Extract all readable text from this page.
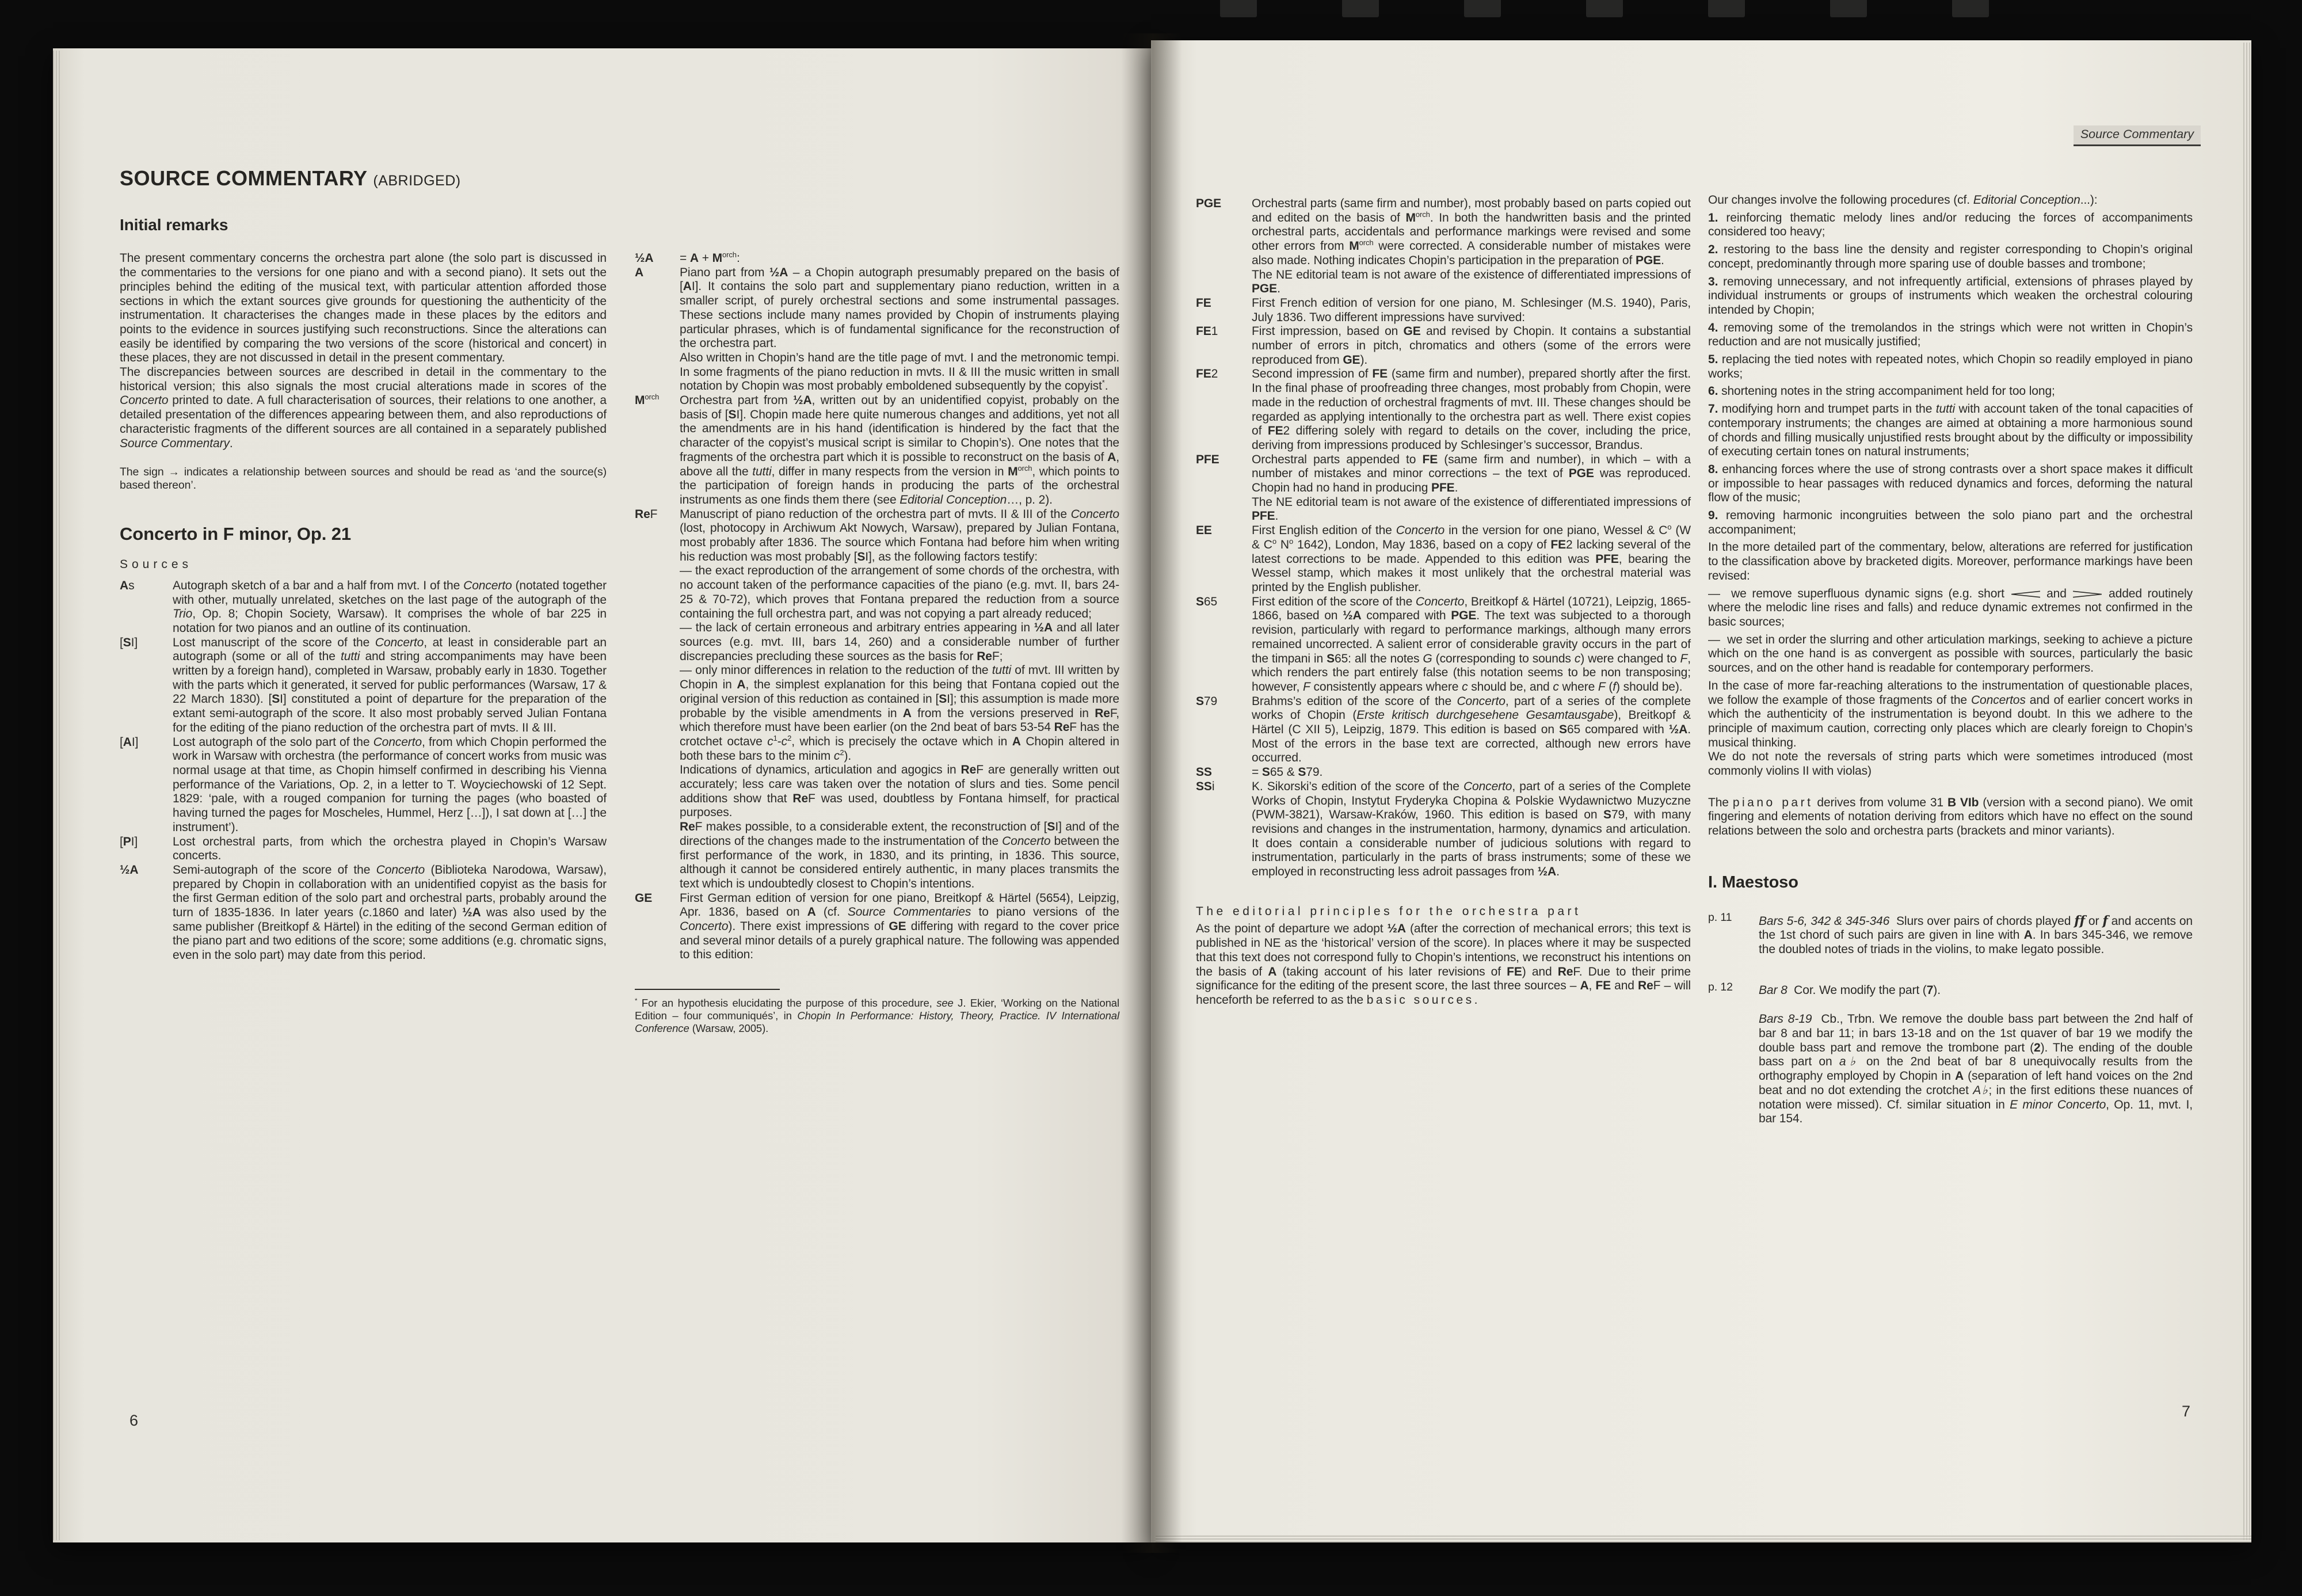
SOURCE COMMENTARY (ABRIDGED)
Initial remarks

The present commentary concerns the orchestra part alone (the solo part is discussed in the commentaries to the versions for one piano and with a second piano). It sets out the principles behind the editing of the musical text, with particular attention afforded those sections in which the extant sources give grounds for questioning the authenticity of the instrumentation. It characterises the changes made in these places by the editors and points to the evidence in sources justifying such reconstructions. Since the alterations can easily be identified by comparing the two versions of the score (historical and concert) in these places, they are not discussed in detail in the present commentary.

The discrepancies between sources are described in detail in the commentary to the historical version; this also signals the most crucial alterations made in scores of the Concerto printed to date. A full characterisation of sources, their relations to one another, a detailed presentation of the differences appearing between them, and also reproductions of characteristic fragments of the different sources are all contained in a separately published Source Commentary.

The sign → indicates a relationship between sources and should be read as ‘and the source(s) based thereon’.

Concerto in F minor, Op. 21
Sources
As	Autograph sketch of a bar and a half from mvt. I of the Concerto (notated together with other, mutually unrelated, sketches on the last page of the autograph of the Trio, Op. 8; Chopin Society, Warsaw). It comprises the whole of bar 225 in notation for two pianos and an outline of its continuation.
[SI]	Lost manuscript of the score of the Concerto, at least in considerable part an autograph (some or all of the tutti and string accompaniments may have been written by a foreign hand), completed in Warsaw, probably early in 1830. Together with the parts which it generated, it served for public performances (Warsaw, 17 & 22 March 1830). [SI] constituted a point of departure for the preparation of the extant semi-autograph of the score. It also most probably served Julian Fontana for the editing of the piano reduction of the orchestra part of mvts. II & III.
[AI]	Lost autograph of the solo part of the Concerto, from which Chopin performed the work in Warsaw with orchestra (the performance of concert works from music was normal usage at that time, as Chopin himself confirmed in describing his Vienna performance of the Variations, Op. 2, in a letter to T. Woyciechowski of 12 Sept. 1829: ‘pale, with a rouged companion for turning the pages (who boasted of having turned the pages for Moscheles, Hummel, Herz […]), I sat down at […] the instrument’).
[PI]	Lost orchestral parts, from which the orchestra played in Chopin’s Warsaw concerts.
½A	Semi-autograph of the score of the Concerto (Biblioteka Narodowa, Warsaw), prepared by Chopin in collaboration with an unidentified copyist as the basis for the first German edition of the solo part and orchestral parts, probably around the turn of 1835-1836. In later years (c.1860 and later) ½A was also used by the same publisher (Breitkopf & Härtel) in the editing of the second German edition of the piano part and two editions of the score; some additions (e.g. chromatic signs, even in the solo part) may date from this period.
½A	= $A + M^{orch}$:
A	Piano part from ½A – a Chopin autograph presumably prepared on the basis of [AI]. It contains the solo part and supplementary piano reduction, written in a smaller script, of purely orchestral sections and some instrumental passages. These sections include many names provided by Chopin of instruments playing particular phrases, which is of fundamental significance for the reconstruction of the orchestra part.

Also written in Chopin’s hand are the title page of mvt. I and the metronomic tempi. In some fragments of the piano reduction in mvts. II & III the music written in small notation by Chopin was most probably emboldened subsequently by the copyist*.

$M^{orch}$	Orchestra part from ½A, written out by an unidentified copyist, probably on the basis of [SI]. Chopin made here quite numerous changes and additions, yet not all the amendments are in his hand (identification is hindered by the fact that the character of the copyist’s musical script is similar to Chopin’s). One notes that the fragments of the orchestra part which it is possible to reconstruct on the basis of A, above all the tutti, differ in many respects from the version in $M^{orch}$, which points to the participation of foreign hands in producing the parts of the orchestral instruments as one finds them there (see Editorial Conception…, p. 2).
ReF	Manuscript of piano reduction of the orchestra part of mvts. II & III of the Concerto (lost, photocopy in Archiwum Akt Nowych, Warsaw), prepared by Julian Fontana, most probably after 1836. The source which Fontana had before him when writing his reduction was most probably [SI], as the following factors testify:

— the exact reproduction of the arrangement of some chords of the orchestra, with no account taken of the performance capacities of the piano (e.g. mvt. II, bars 24-25 & 70-72), which proves that Fontana prepared the reduction from a source containing the full orchestra part, and was not copying a part already reduced;

— the lack of certain erroneous and arbitrary entries appearing in ½A and all later sources (e.g. mvt. III, bars 14, 260) and a considerable number of further discrepancies precluding these sources as the basis for ReF;

— only minor differences in relation to the reduction of the tutti of mvt. III written by Chopin in A, the simplest explanation for this being that Fontana copied out the original version of this reduction as contained in [SI]; this assumption is made more probable by the visible amendments in A from the versions preserved in ReF, which therefore must have been earlier (on the 2nd beat of bars 53-54 ReF has the crotchet octave $c^1-c^2$, which is precisely the octave which in A Chopin altered in both these bars to the minim $c^2$).

Indications of dynamics, articulation and agogics in ReF are generally written out accurately; less care was taken over the notation of slurs and ties. Some pencil additions show that ReF was used, doubtless by Fontana himself, for practical purposes.

ReF makes possible, to a considerable extent, the reconstruction of [SI] and of the directions of the changes made to the instrumentation of the Concerto between the first performance of the work, in 1830, and its printing, in 1836. This source, although it cannot be considered entirely authentic, in many places transmits the text which is undoubtedly closest to Chopin’s intentions.

GE	First German edition of version for one piano, Breitkopf & Härtel (5654), Leipzig, Apr. 1836, based on A (cf. Source Commentaries to piano versions of the Concerto). There exist impressions of GE differing with regard to the cover price and several minor details of a purely graphical nature. The following was appended to this edition:

* For an hypothesis elucidating the purpose of this procedure, see J. Ekier, ‘Working on the National Edition – four communiqués’, in Chopin In Performance: History, Theory, Practice. IV International Conference (Warsaw, 2005).

6
Source Commentary
PGE	Orchestral parts (same firm and number), most probably based on parts copied out and edited on the basis of $M^{orch}$. In both the handwritten basis and the printed orchestral parts, accidentals and performance markings were revised and some other errors from $M^{orch}$ were corrected. A considerable number of mistakes were also made. Nothing indicates Chopin’s participation in the preparation of PGE.

The NE editorial team is not aware of the existence of differentiated impressions of PGE.

FE	First French edition of version for one piano, M. Schlesinger (M.S. 1940), Paris, July 1836. Two different impressions have survived:
FE1	First impression, based on GE and revised by Chopin. It contains a substantial number of errors in pitch, chromatics and others (some of the errors were reproduced from GE).
FE2	Second impression of FE (same firm and number), prepared shortly after the first. In the final phase of proofreading three changes, most probably from Chopin, were made in the reduction of orchestral fragments of mvt. III. These changes should be regarded as applying intentionally to the orchestra part as well. There exist copies of FE2 differing solely with regard to details on the cover, including the price, deriving from impressions produced by Schlesinger’s successor, Brandus.
PFE	Orchestral parts appended to FE (same firm and number), in which – with a number of mistakes and minor corrections – the text of PGE was reproduced. Chopin had no hand in producing PFE.

The NE editorial team is not aware of the existence of differentiated impressions of PFE.

EE	First English edition of the Concerto in the version for one piano, Wessel & $C^o$ (W & $C^o$ $N^o$ 1642), London, May 1836, based on a copy of FE2 lacking several of the latest corrections to be made. Appended to this edition was PFE, bearing the Wessel stamp, which makes it most unlikely that the orchestral material was printed by the English publisher.
S65	First edition of the score of the Concerto, Breitkopf & Härtel (10721), Leipzig, 1865-1866, based on ½A compared with PGE. The text was subjected to a thorough revision, particularly with regard to performance markings, although many errors remained uncorrected. A salient error of considerable gravity occurs in the part of the timpani in S65: all the notes G (corresponding to sounds c) were changed to F, which renders the part entirely false (this notation seems to be non transposing; however, F consistently appears where c should be, and c where F (f) should be).
S79	Brahms’s edition of the score of the Concerto, part of a series of the complete works of Chopin (Erste kritisch durchgesehene Gesamtausgabe), Breitkopf & Härtel (C XII 5), Leipzig, 1879. This edition is based on S65 compared with ½A. Most of the errors in the base text are corrected, although new errors have occurred.
SS	= S65 & S79.
SSi	K. Sikorski’s edition of the score of the Concerto, part of a series of the Complete Works of Chopin, Instytut Fryderyka Chopina & Polskie Wydawnictwo Muzyczne (PWM-3821), Warsaw-Kraków, 1960. This edition is based on S79, with many revisions and changes in the instrumentation, harmony, dynamics and articulation. It does contain a considerable number of judicious solutions with regard to instrumentation, particularly in the parts of brass instruments; some of these we employed in reconstructing less adroit passages from ½A.
The editorial principles for the orchestra part

As the point of departure we adopt ½A (after the correction of mechanical errors; this text is published in NE as the ‘historical’ version of the score). In places where it may be suspected that this text does not correspond fully to Chopin’s intentions, we reconstruct his intentions on the basis of A (taking account of his later revisions of FE) and ReF. Due to their prime significance for the editing of the present score, the last three sources – A, FE and ReF – will henceforth be referred to as the basic sources.

Our changes involve the following procedures (cf. Editorial Conception...):

1. reinforcing thematic melody lines and/or reducing the forces of accompaniments considered too heavy;

2. restoring to the bass line the density and register corresponding to Chopin’s original concept, predominantly through more sparing use of double basses and trombone;

3. removing unnecessary, and not infrequently artificial, extensions of phrases played by individual instruments or groups of instruments which weaken the orchestral colouring intended by Chopin;

4. removing some of the tremolandos in the strings which were not written in Chopin’s reduction and are not musically justified;

5. replacing the tied notes with repeated notes, which Chopin so readily employed in piano works;

6. shortening notes in the string accompaniment held for too long;

7. modifying horn and trumpet parts in the tutti with account taken of the tonal capacities of contemporary instruments; the changes are aimed at obtaining a more harmonious sound of chords and filling musically unjustified rests brought about by the difficulty or impossibility of executing certain tones on natural instruments;

8. enhancing forces where the use of strong contrasts over a short space makes it difficult or impossible to hear passages with reduced dynamics and forces, deforming the natural flow of the music;

9. removing harmonic incongruities between the solo piano part and the orchestral accompaniment;

In the more detailed part of the commentary, below, alterations are referred for justification to the classification above by bracketed digits. Moreover, performance markings have been revised:

—  we remove superfluous dynamic signs (e.g. short	and	added routinely where the melodic line rises and falls) and reduce dynamic extremes not confirmed in the basic sources;

—  we set in order the slurring and other articulation markings, seeking to achieve a picture which on the one hand is as convergent as possible with sources, particularly the basic sources, and on the other hand is readable for contemporary performers.

In the case of more far-reaching alterations to the instrumentation of questionable places, we follow the example of those fragments of the Concertos and of earlier concert works in which the authenticity of the instrumentation is beyond doubt. In this we adhere to the principle of maximum caution, correcting only places which are clearly foreign to Chopin’s musical thinking.

We do not note the reversals of string parts which were sometimes introduced (most commonly violins II with violas)

The piano part derives from volume 31 B VIb (version with a second piano). We omit fingering and elements of notation deriving from editors which have no effect on the sound relations between the solo and orchestra parts (brackets and minor variants).

I. Maestoso
p. 11	Bars 5-6, 342 & 345-346  Slurs over pairs of chords played ff or f and accents on the 1st chord of such pairs are given in line with A. In bars 345-346, we remove the doubled notes of triads in the violins, to make legato possible.

p. 12	Bar 8  Cor. We modify the part (7).

Bars 8-19  Cb., Trbn. We remove the double bass part between the 2nd half of bar 8 and bar 11; in bars 13-18 and on the 1st quaver of bar 19 we modify the double bass part and remove the trombone part (2). The ending of the double bass part on a♭ on the 2nd beat of bar 8 unequivocally results from the orthography employed by Chopin in A (separation of left hand voices on the 2nd beat and no dot extending the crotchet A♭; in the first editions these nuances of notation were missed). Cf. similar situation in E minor Concerto, Op. 11, mvt. I, bar 154.

7
